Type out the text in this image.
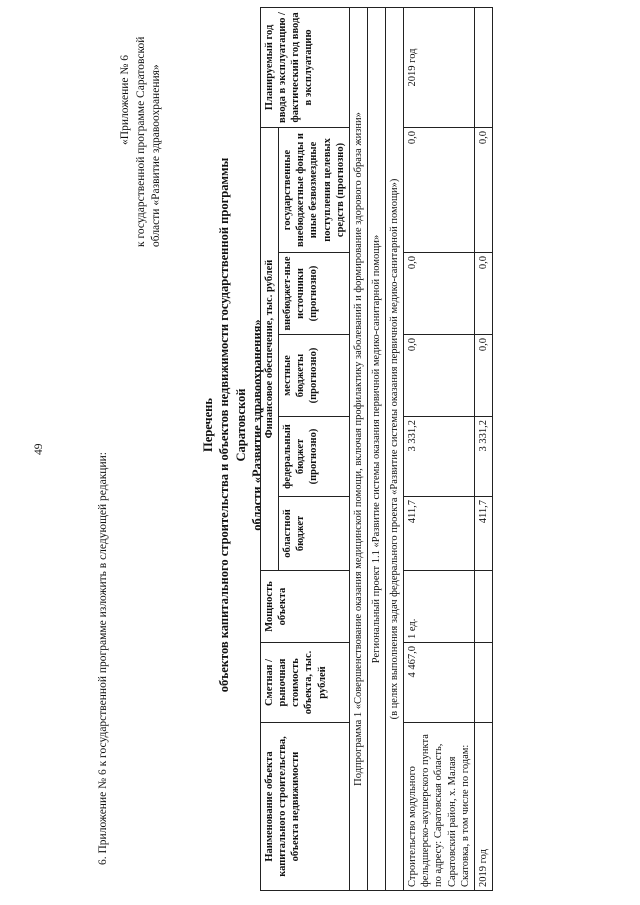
49
6. Приложение № 6 к государственной программе изложить в следующей редакции:
«Приложение № 6 к государственной программе Саратовской области «Развитие здравоохранения»
Перечень объектов капитального строительства и объектов недвижимости государственной программы Саратовской области «Развитие здравоохранения»
Наименование объекта капитального строительства, объекта недвижимости	Сметная / рыночная стоимость объекта, тыс. рублей	Мощность объекта	Финансовое обеспечение, тыс. рублей					Планируемый год ввода в эксплуатацию / фактический год ввода в эксплуатацию
			областной бюджет	федеральный бюджет (прогнозно)	местные бюджеты (прогнозно)	внебюджет-ные источники (прогнозно)	государственные внебюджетные фонды и иные безвозмездные поступления целевых средств (прогнозно)	
Подпрограмма 1 «Совершенствование оказания медицинской помощи, включая профилактику заболеваний и формирование здорового образа жизни»								
Региональный проект 1.1 «Развитие системы оказания первичной медико-санитарной помощи»								
(в целях выполнения задач федерального проекта «Развитие системы оказания первичной медико-санитарной помощи»)								
Строительство модульного фельдшерско-акушерского пункта по адресу: Саратовская область, Саратовский район, х. Малая Скатовка, в том числе по годам:	4 467,0	1 ед.	411,7	3 331,2	0,0	0,0	0,0	2019 год
2019 год			411,7	3 331,2	0,0	0,0	0,0	
